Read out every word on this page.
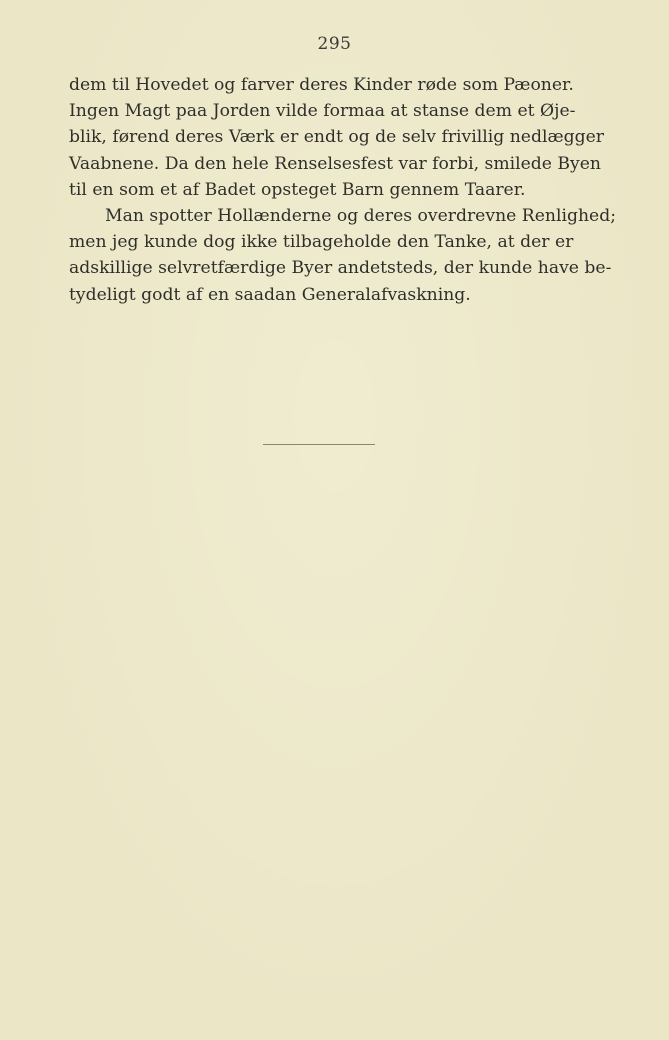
295
dem til Hovedet og farver deres Kinder røde som Pæoner.
Ingen Magt paa Jorden vilde formaa at stanse dem et Øje-
blik, førend deres Værk er endt og de selv frivillig nedlægger
Vaabnene. Da den hele Renselsesfest var forbi, smilede Byen
til en som et af Badet opsteget Barn gennem Taarer.
Man spotter Hollænderne og deres overdrevne Renlighed;
men jeg kunde dog ikke tilbageholde den Tanke, at der er
adskillige selvretfærdige Byer andetsteds, der kunde have be-
tydeligt godt af en saadan Generalafvaskning.
